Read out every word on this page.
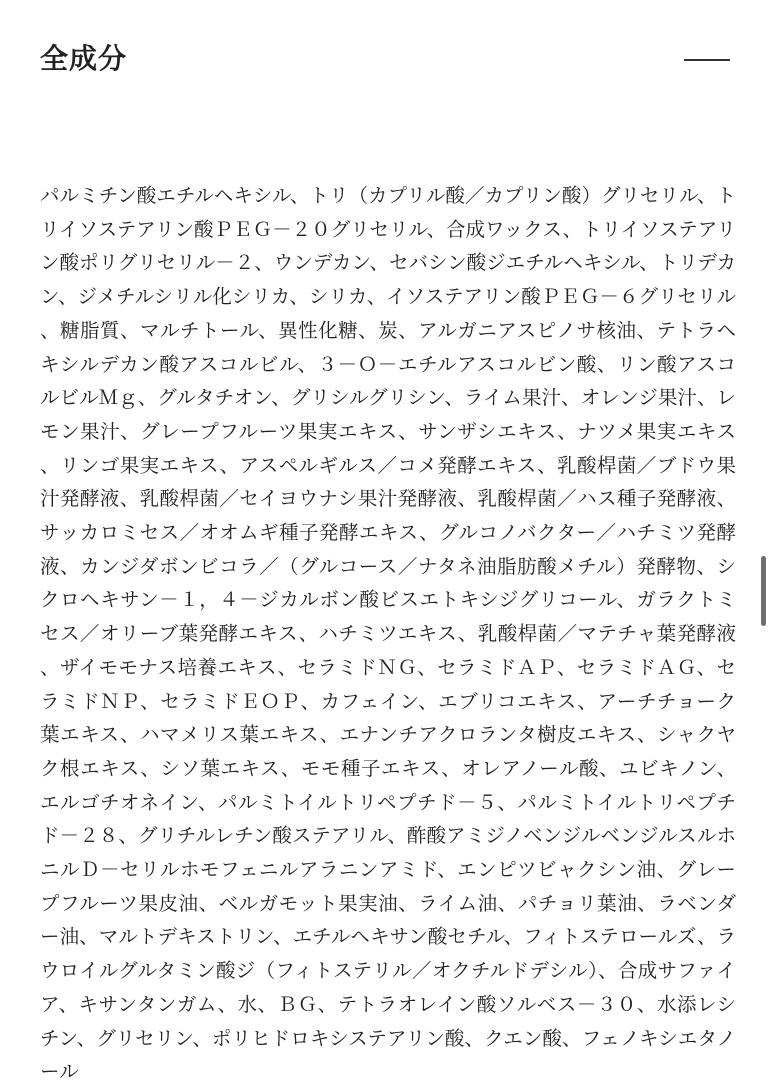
全成分
パルミチン酸エチルヘキシル、トリ（カプリル酸／カプリン酸）グリセリル、トリイソステアリン酸ＰＥＧ－２０グリセリル、合成ワックス、トリイソステアリン酸ポリグリセリル－２、ウンデカン、セバシン酸ジエチルヘキシル、トリデカン、ジメチルシリル化シリカ、シリカ、イソステアリン酸ＰＥＧ－６グリセリル、糖脂質、マルチトール、異性化糖、炭、アルガニアスピノサ核油、テトラヘキシルデカン酸アスコルビル、３－Ｏ－エチルアスコルビン酸、リン酸アスコルビルＭｇ、グルタチオン、グリシルグリシン、ライム果汁、オレンジ果汁、レモン果汁、グレープフルーツ果実エキス、サンザシエキス、ナツメ果実エキス、リンゴ果実エキス、アスペルギルス／コメ発酵エキス、乳酸桿菌／ブドウ果汁発酵液、乳酸桿菌／セイヨウナシ果汁発酵液、乳酸桿菌／ハス種子発酵液、サッカロミセス／オオムギ種子発酵エキス、グルコノバクター／ハチミツ発酵液、カンジダボンビコラ／（グルコース／ナタネ油脂肪酸メチル）発酵物、シクロヘキサン－１，４－ジカルボン酸ビスエトキシジグリコール、ガラクトミセス／オリーブ葉発酵エキス、ハチミツエキス、乳酸桿菌／マテチャ葉発酵液、ザイモモナス培養エキス、セラミドＮＧ、セラミドＡＰ、セラミドＡＧ、セラミドＮＰ、セラミドＥＯＰ、カフェイン、エブリコエキス、アーチチョーク葉エキス、ハマメリス葉エキス、エナンチアクロランタ樹皮エキス、シャクヤク根エキス、シソ葉エキス、モモ種子エキス、オレアノール酸、ユビキノン、エルゴチオネイン、パルミトイルトリペプチド－５、パルミトイルトリペプチド－２８、グリチルレチン酸ステアリル、酢酸アミジノベンジルベンジルスルホニルＤ－セリルホモフェニルアラニンアミド、エンピツビャクシン油、グレープフルーツ果皮油、ベルガモット果実油、ライム油、パチョリ葉油、ラベンダー油、マルトデキストリン、エチルヘキサン酸セチル、フィトステロールズ、ラウロイルグルタミン酸ジ（フィトステリル／オクチルドデシル）、合成サファイア、キサンタンガム、水、ＢＧ、テトラオレイン酸ソルベス－３０、水添レシチン、グリセリン、ポリヒドロキシステアリン酸、クエン酸、フェノキシエタノール
